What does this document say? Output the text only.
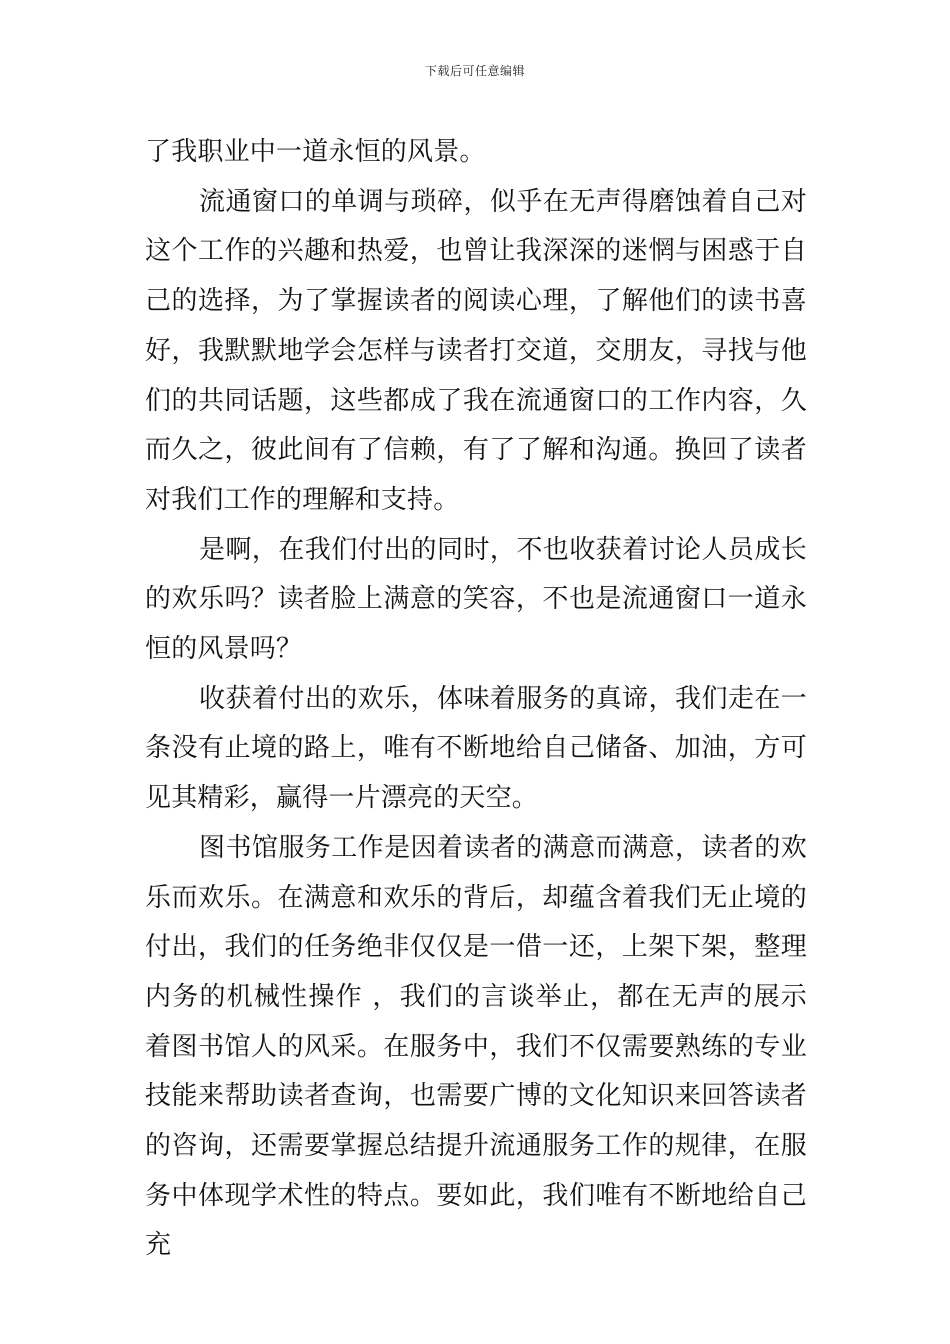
下载后可任意编辑

了我职业中一道永恒的风景。

流通窗口的单调与琐碎，似乎在无声得磨蚀着自己对这个工作的兴趣和热爱，也曾让我深深的迷惘与困惑于自己的选择，为了掌握读者的阅读心理，了解他们的读书喜好，我默默地学会怎样与读者打交道，交朋友，寻找与他们的共同话题，这些都成了我在流通窗口的工作内容，久而久之，彼此间有了信赖，有了了解和沟通。换回了读者对我们工作的理解和支持。

是啊，在我们付出的同时，不也收获着讨论人员成长的欢乐吗？读者脸上满意的笑容，不也是流通窗口一道永恒的风景吗？

收获着付出的欢乐，体味着服务的真谛，我们走在一条没有止境的路上，唯有不断地给自己储备、加油，方可见其精彩，赢得一片漂亮的天空。

图书馆服务工作是因着读者的满意而满意，读者的欢乐而欢乐。在满意和欢乐的背后，却蕴含着我们无止境的付出，我们的任务绝非仅仅是一借一还，上架下架，整理内务的机械性操作 ，我们的言谈举止，都在无声的展示着图书馆人的风采。在服务中，我们不仅需要熟练的专业技能来帮助读者查询，也需要广博的文化知识来回答读者的咨询，还需要掌握总结提升流通服务工作的规律，在服务中体现学术性的特点。要如此，我们唯有不断地给自己充
